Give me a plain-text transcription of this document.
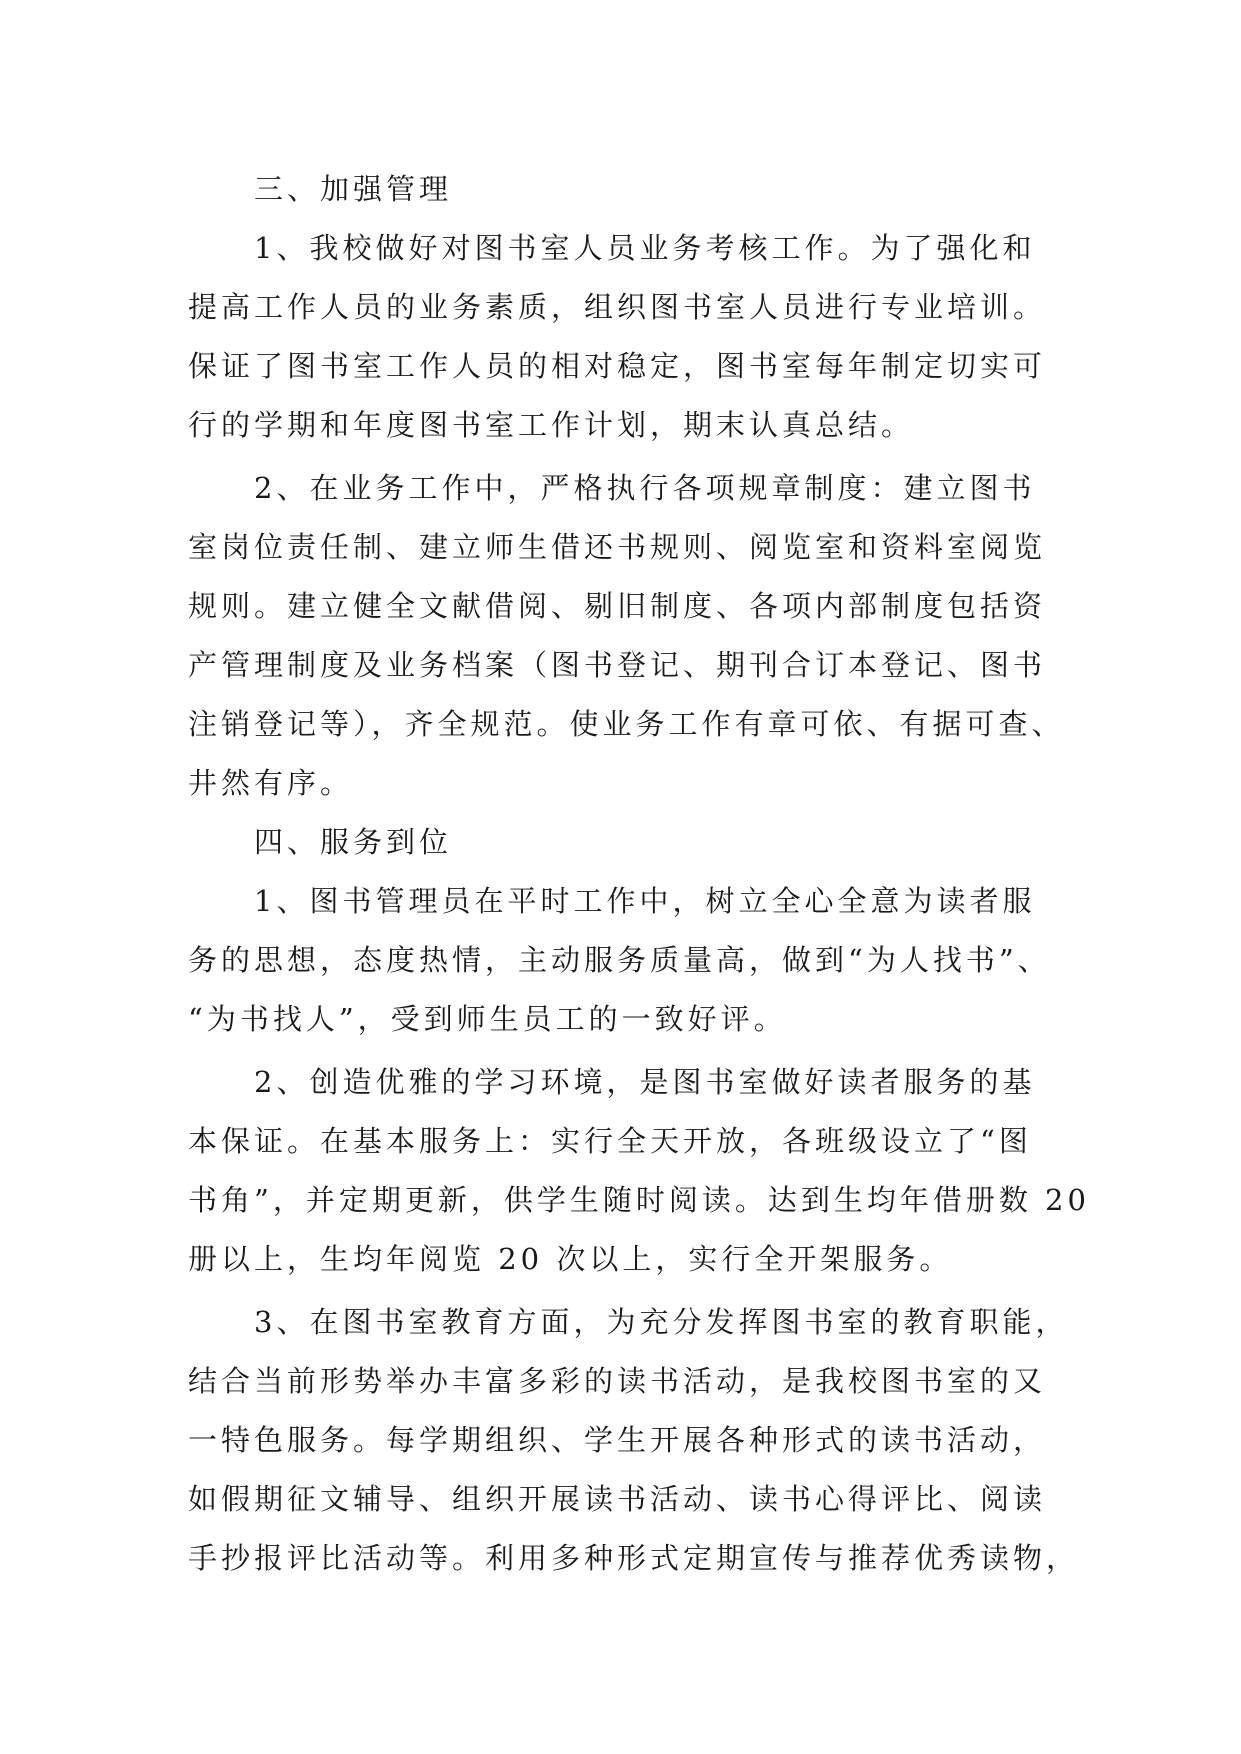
三、加强管理
1、我校做好对图书室人员业务考核工作。为了强化和
提高工作人员的业务素质，组织图书室人员进行专业培训。
保证了图书室工作人员的相对稳定，图书室每年制定切实可
行的学期和年度图书室工作计划，期末认真总结。
2、在业务工作中，严格执行各项规章制度：建立图书
室岗位责任制、建立师生借还书规则、阅览室和资料室阅览
规则。建立健全文献借阅、剔旧制度、各项内部制度包括资
产管理制度及业务档案（图书登记、期刊合订本登记、图书
注销登记等），齐全规范。使业务工作有章可依、有据可查、
井然有序。
四、服务到位
1、图书管理员在平时工作中，树立全心全意为读者服
务的思想，态度热情，主动服务质量高，做到“为人找书”、
“为书找人”，受到师生员工的一致好评。
2、创造优雅的学习环境，是图书室做好读者服务的基
本保证。在基本服务上：实行全天开放，各班级设立了“图
书角”，并定期更新，供学生随时阅读。达到生均年借册数 20
册以上，生均年阅览 20 次以上，实行全开架服务。
3、在图书室教育方面，为充分发挥图书室的教育职能，
结合当前形势举办丰富多彩的读书活动，是我校图书室的又
一特色服务。每学期组织、学生开展各种形式的读书活动，
如假期征文辅导、组织开展读书活动、读书心得评比、阅读
手抄报评比活动等。利用多种形式定期宣传与推荐优秀读物，
